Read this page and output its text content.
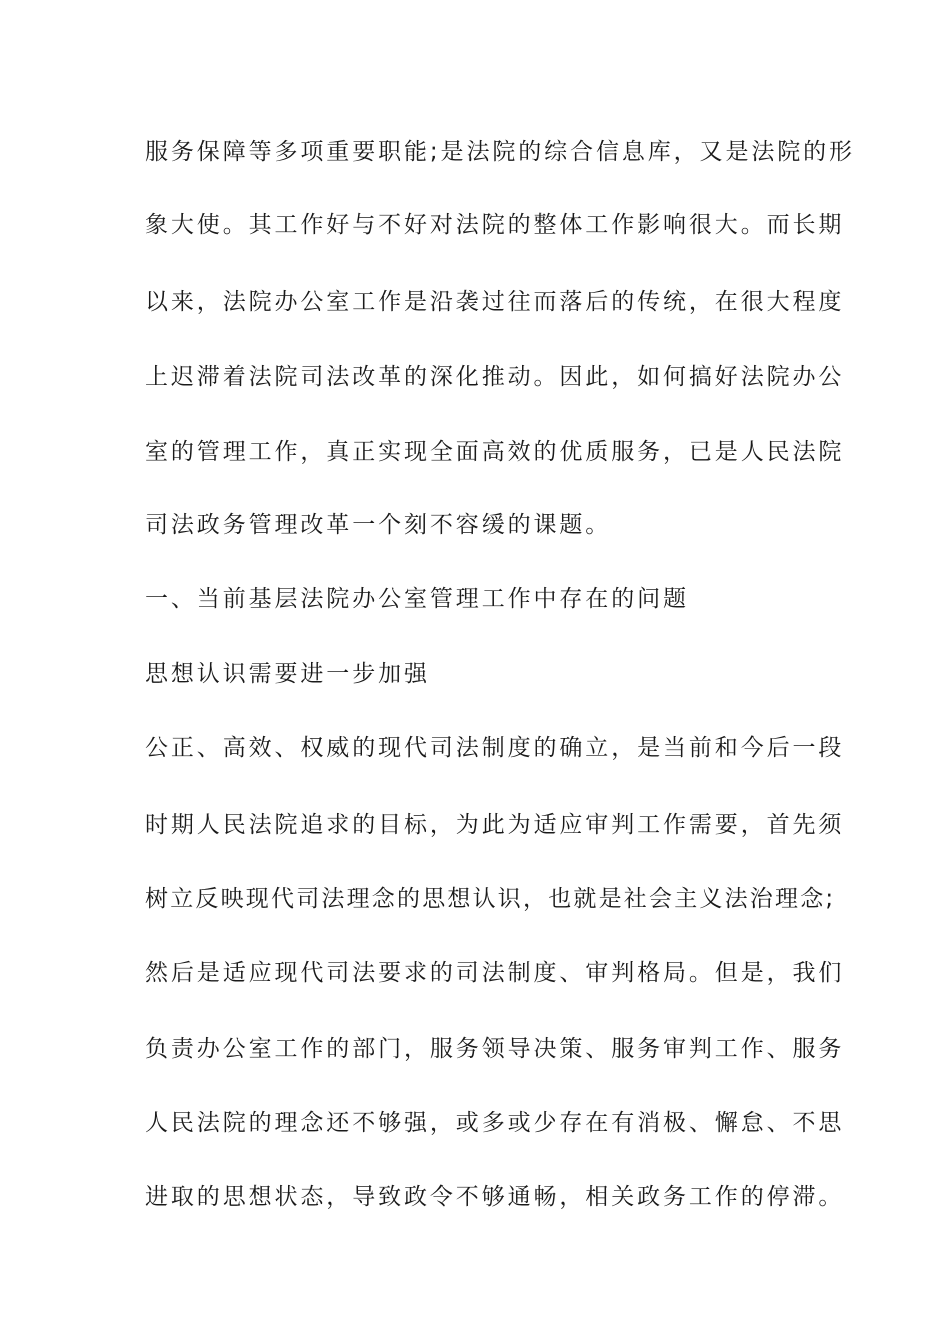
服务保障等多项重要职能;是法院的综合信息库，又是法院的形
象大使。其工作好与不好对法院的整体工作影响很大。而长期
以来，法院办公室工作是沿袭过往而落后的传统，在很大程度
上迟滞着法院司法改革的深化推动。因此，如何搞好法院办公
室的管理工作，真正实现全面高效的优质服务，已是人民法院
司法政务管理改革一个刻不容缓的课题。
一、当前基层法院办公室管理工作中存在的问题
思想认识需要进一步加强
公正、高效、权威的现代司法制度的确立，是当前和今后一段
时期人民法院追求的目标，为此为适应审判工作需要，首先须
树立反映现代司法理念的思想认识，也就是社会主义法治理念;
然后是适应现代司法要求的司法制度、审判格局。但是，我们
负责办公室工作的部门，服务领导决策、服务审判工作、服务
人民法院的理念还不够强，或多或少存在有消极、懈怠、不思
进取的思想状态，导致政令不够通畅，相关政务工作的停滞。
